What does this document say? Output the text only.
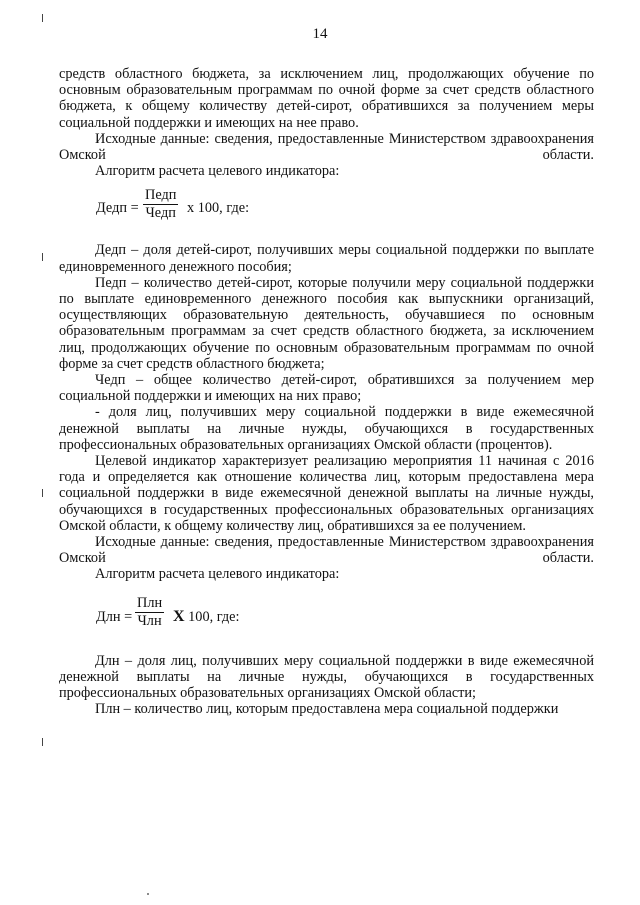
14

средств областного бюджета, за исключением лиц, продолжающих обучение по основным образовательным программам по очной форме за счет средств областного бюджета, к общему количеству детей-сирот, обратившихся за получением меры социальной поддержки и имеющих на нее право.

Исходные данные: сведения, предоставленные Министерством здравоохранения Омской области.

Алгоритм расчета целевого индикатора:

Дедп =
Педп
Чедп х 100, где:

Дедп – доля детей-сирот, получивших меры социальной поддержки по выплате единовременного денежного пособия;

Педп – количество детей-сирот, которые получили меру социальной поддержки по выплате единовременного денежного пособия как выпускники организаций, осуществляющих образовательную деятельность, обучавшиеся по основным образовательным программам за счет средств областного бюджета, за исключением лиц, продолжающих обучение по основным образовательным программам по очной форме за счет средств областного бюджета;

Чедп – общее количество детей-сирот, обратившихся за получением мер социальной поддержки и имеющих на них право;

- доля лиц, получивших меру социальной поддержки в виде ежемесячной денежной выплаты на личные нужды, обучающихся в государственных профессиональных образовательных организациях Омской области (процентов).

Целевой индикатор характеризует реализацию мероприятия 11 начиная с 2016 года и определяется как отношение количества лиц, которым предоставлена мера социальной поддержки в виде ежемесячной денежной выплаты на личные нужды, обучающихся в государственных профессиональных образовательных организациях Омской области, к общему количеству лиц, обратившихся за ее получением.

Исходные данные: сведения, предоставленные Министерством здравоохранения Омской области.

Алгоритм расчета целевого индикатора:

Длн =
Плн
Члн Х 100, где:

Длн – доля лиц, получивших меру социальной поддержки в виде ежемесячной денежной выплаты на личные нужды, обучающихся в государственных профессиональных образовательных организациях Омской области;

Плн – количество лиц, которым предоставлена мера социальной поддержки
